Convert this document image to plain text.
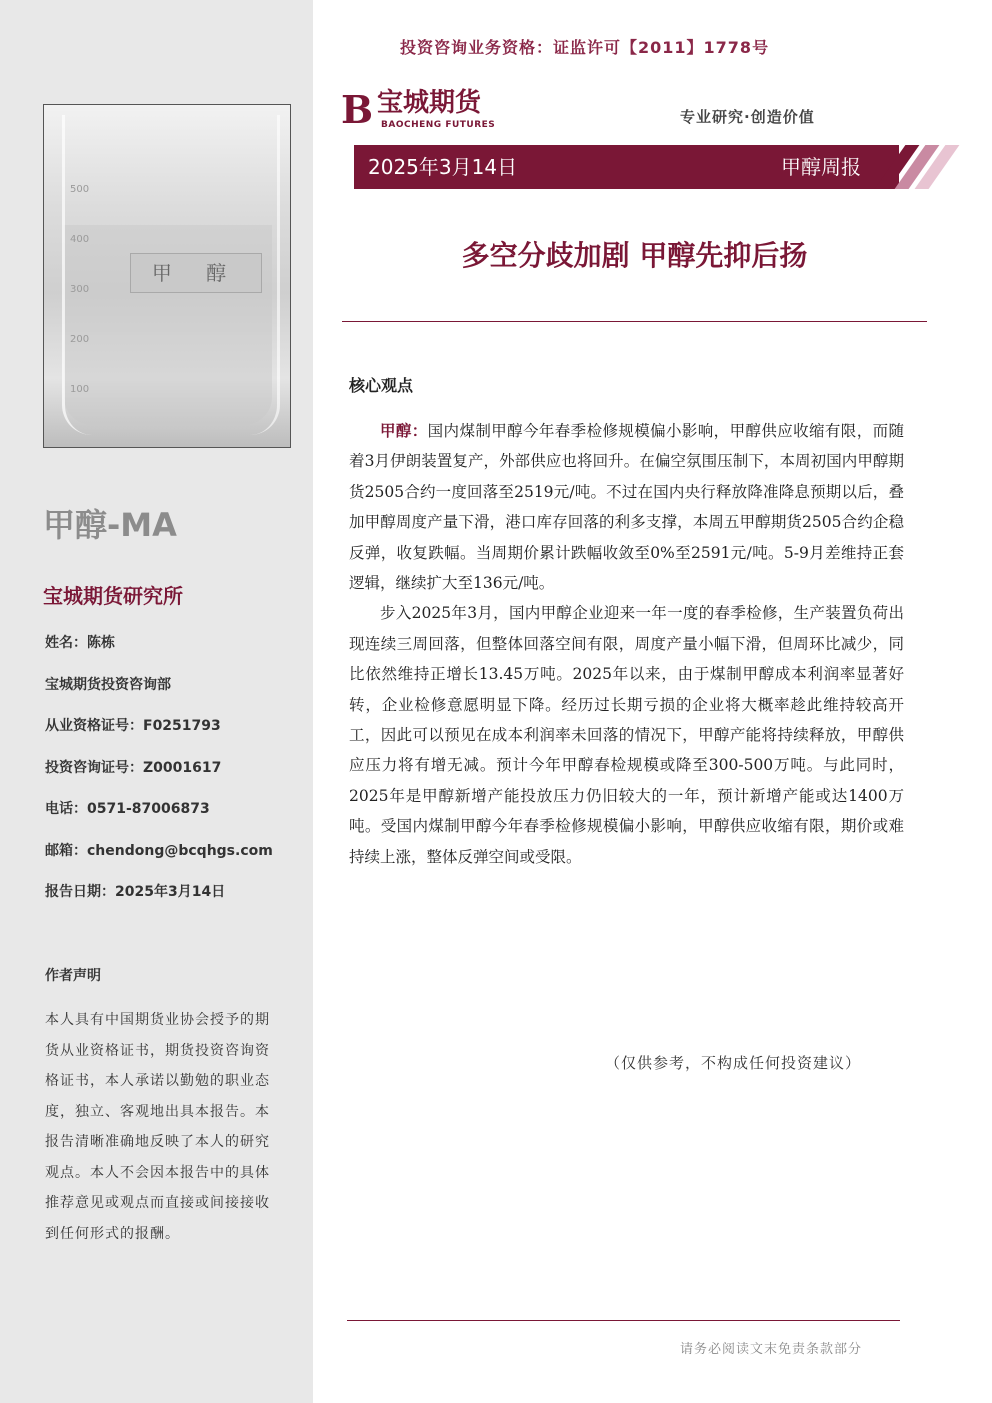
500
400
300
200
100
甲 醇
甲醇-MA
宝城期货研究所
姓名：陈栋
宝城期货投资咨询部
从业资格证号：F0251793
投资咨询证号：Z0001617
电话：0571-87006873
邮箱：chendong@bcqhgs.com
报告日期：2025年3月14日
作者声明
本人具有中国期货业协会授予的期货从业资格证书，期货投资咨询资格证书，本人承诺以勤勉的职业态度，独立、客观地出具本报告。本报告清晰准确地反映了本人的研究观点。本人不会因本报告中的具体推荐意见或观点而直接或间接接收到任何形式的报酬。
投资咨询业务资格：证监许可【2011】1778号
B 宝城期货
BAOCHENG FUTURES	专业研究·创造价值
2025年3月14日	甲醇周报
多空分歧加剧 甲醇先抑后扬
核心观点

甲醇：国内煤制甲醇今年春季检修规模偏小影响，甲醇供应收缩有限，而随着3月伊朗装置复产，外部供应也将回升。在偏空氛围压制下，本周初国内甲醇期货2505合约一度回落至2519元/吨。不过在国内央行释放降准降息预期以后，叠加甲醇周度产量下滑，港口库存回落的利多支撑，本周五甲醇期货2505合约企稳反弹，收复跌幅。当周期价累计跌幅收敛至0%至2591元/吨。5-9月差维持正套逻辑，继续扩大至136元/吨。

步入2025年3月，国内甲醇企业迎来一年一度的春季检修，生产装置负荷出现连续三周回落，但整体回落空间有限，周度产量小幅下滑，但周环比减少，同比依然维持正增长13.45万吨。2025年以来，由于煤制甲醇成本利润率显著好转，企业检修意愿明显下降。经历过长期亏损的企业将大概率趁此维持较高开工，因此可以预见在成本利润率未回落的情况下，甲醇产能将持续释放，甲醇供应压力将有增无减。预计今年甲醇春检规模或降至300-500万吨。与此同时，2025年是甲醇新增产能投放压力仍旧较大的一年，预计新增产能或达1400万吨。受国内煤制甲醇今年春季检修规模偏小影响，甲醇供应收缩有限，期价或难持续上涨，整体反弹空间或受限。

（仅供参考，不构成任何投资建议）
请务必阅读文末免责条款部分
